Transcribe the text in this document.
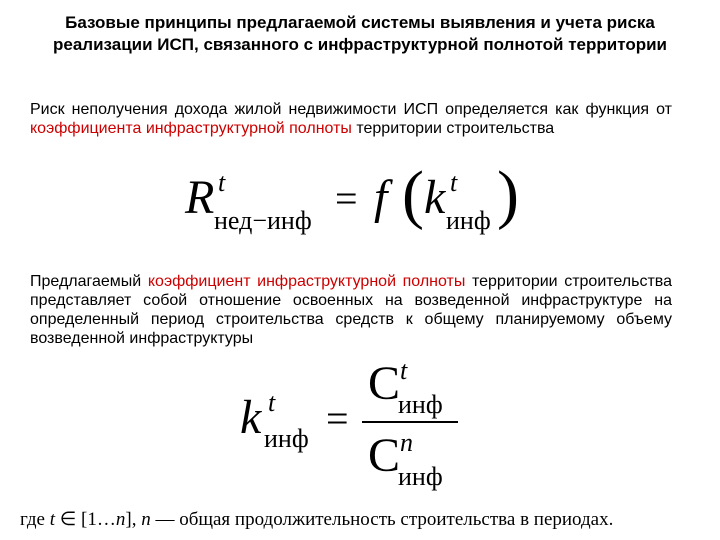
Базовые принципы предлагаемой системы выявления и учета риска
реализации ИСП, связанного с инфраструктурной полнотой территории
Риск неполучения дохода жилой недвижимости ИСП определяется как функция от коэффициента инфраструктурной полноты территории строительства
R t
нед−инф = f ( k t
инф )
Предлагаемый коэффициент инфраструктурной полноты территории строительства представляет собой отношение освоенных на возведенной инфраструктуре на определенный период строительства средств к общему планируемому объему возведенной инфраструктуры
k t
инф =
C t
инф
C n
инф
где t ∈ [1…n], n — общая продолжительность строительства в периодах.
